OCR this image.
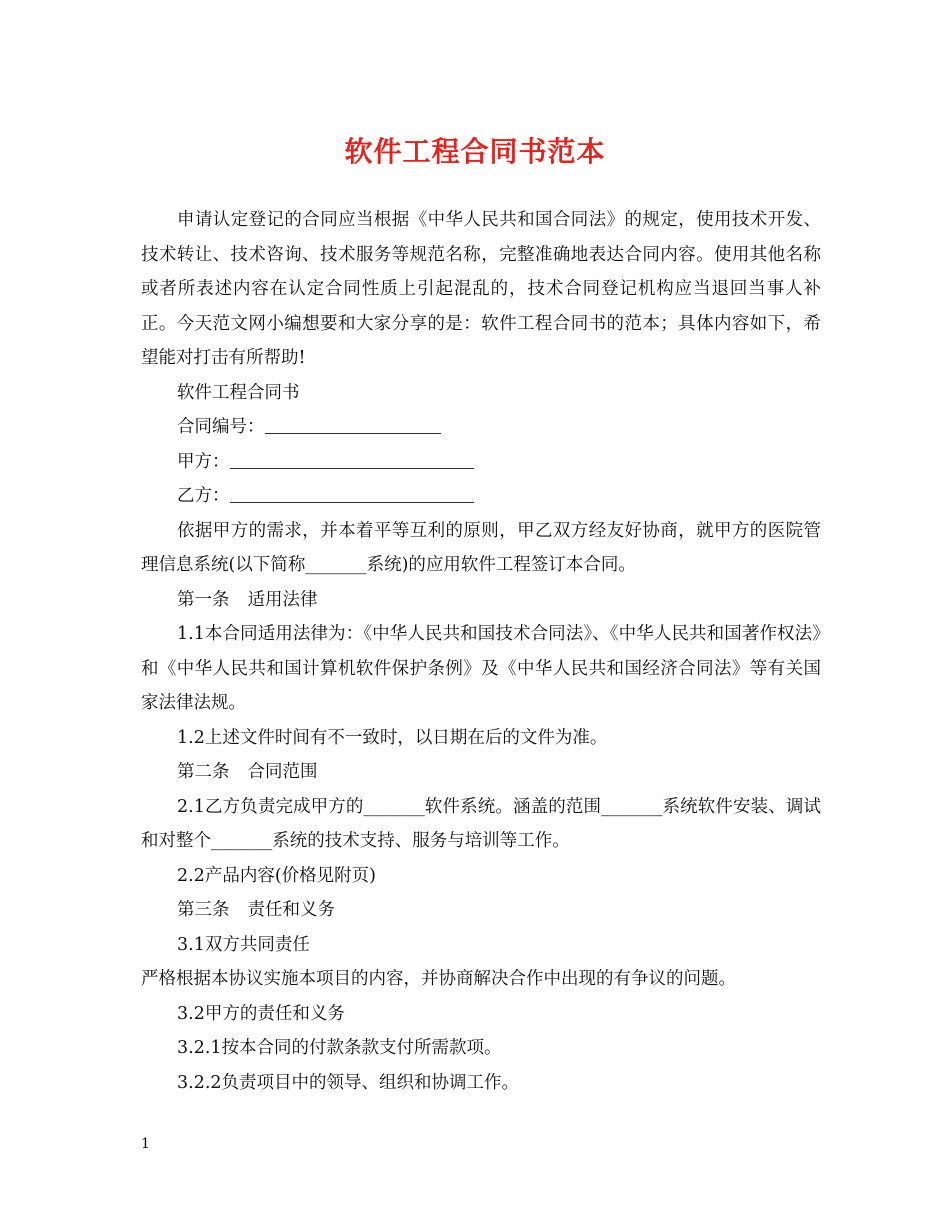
软件工程合同书范本

申请认定登记的合同应当根据《中华人民共和国合同法》的规定，使用技术开发、技术转让、技术咨询、技术服务等规范名称，完整准确地表达合同内容。使用其他名称或者所表述内容在认定合同性质上引起混乱的，技术合同登记机构应当退回当事人补正。今天范文网小编想要和大家分享的是：软件工程合同书的范本；具体内容如下，希望能对打击有所帮助!

软件工程合同书

合同编号：

甲方：

乙方：

依据甲方的需求，并本着平等互利的原则，甲乙双方经友好协商，就甲方的医院管理信息系统(以下简称_______系统)的应用软件工程签订本合同。

第一条 适用法律

1.1本合同适用法律为：《中华人民共和国技术合同法》、《中华人民共和国著作权法》和《中华人民共和国计算机软件保护条例》及《中华人民共和国经济合同法》等有关国家法律法规。

1.2上述文件时间有不一致时，以日期在后的文件为准。

第二条 合同范围

2.1乙方负责完成甲方的_______软件系统。涵盖的范围_______系统软件安装、调试和对整个_______系统的技术支持、服务与培训等工作。

2.2产品内容(价格见附页)

第三条 责任和义务

3.1双方共同责任

严格根据本协议实施本项目的内容，并协商解决合作中出现的有争议的问题。

3.2甲方的责任和义务

3.2.1按本合同的付款条款支付所需款项。

3.2.2负责项目中的领导、组织和协调工作。

1
